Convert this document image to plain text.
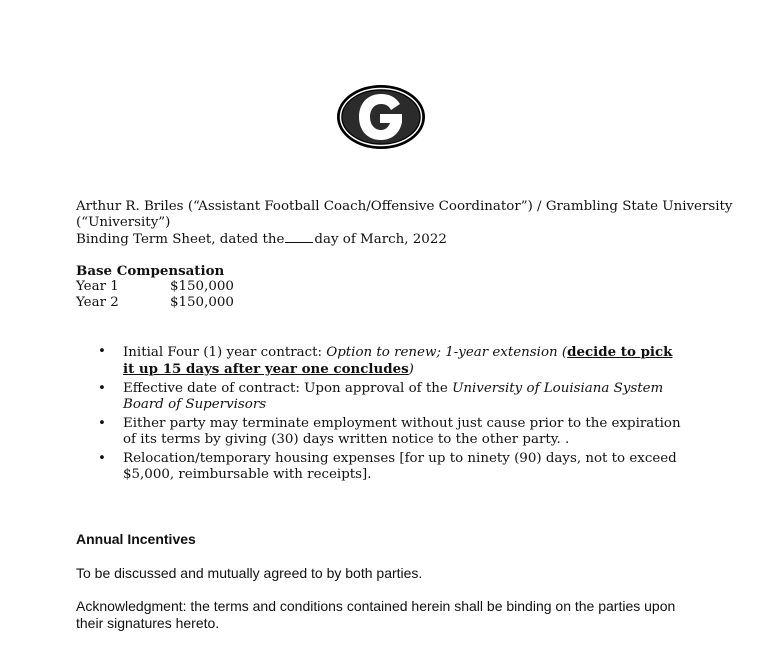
Arthur R. Briles (“Assistant Football Coach/Offensive Coordinator”) / Grambling State University
(“University”)
Binding Term Sheet, dated the day of March, 2022
Base Compensation
Year 1	$150,000
Year 2	$150,000
• Initial Four (1) year contract: Option to renew; 1-year extension (decide to pick it up 15 days after year one concludes)
• Effective date of contract: Upon approval of the University of Louisiana System Board of Supervisors
• Either party may terminate employment without just cause prior to the expiration of its terms by giving (30) days written notice to the other party. .
• Relocation/temporary housing expenses [for up to ninety (90) days, not to exceed $5,000, reimbursable with receipts].
Annual Incentives
To be discussed and mutually agreed to by both parties.
Acknowledgment: the terms and conditions contained herein shall be binding on the parties upon their signatures hereto.
